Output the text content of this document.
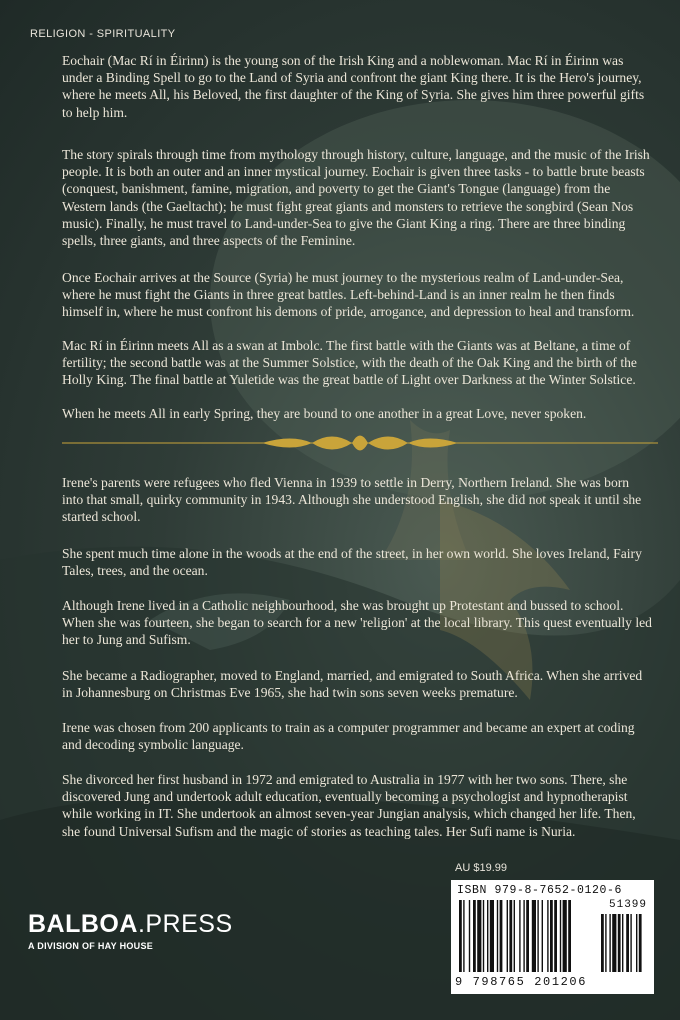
RELIGION - SPIRITUALITY

Eochair (Mac Rí in Éirinn) is the young son of the Irish King and a noblewoman. Mac Rí in Éirinn was under a Binding Spell to go to the Land of Syria and confront the giant King there. It is the Hero's journey, where he meets All, his Beloved, the first daughter of the King of Syria. She gives him three powerful gifts to help him.

The story spirals through time from mythology through history, culture, language, and the music of the Irish people. It is both an outer and an inner mystical journey. Eochair is given three tasks - to battle brute beasts (conquest, banishment, famine, migration, and poverty to get the Giant's Tongue (language) from the Western lands (the Gaeltacht); he must fight great giants and monsters to retrieve the songbird (Sean Nos music). Finally, he must travel to Land-under-Sea to give the Giant King a ring. There are three binding spells, three giants, and three aspects of the Feminine.

Once Eochair arrives at the Source (Syria) he must journey to the mysterious realm of Land-under-Sea, where he must fight the Giants in three great battles. Left-behind-Land is an inner realm he then finds himself in, where he must confront his demons of pride, arrogance, and depression to heal and transform.

Mac Rí in Éirinn meets All as a swan at Imbolc. The first battle with the Giants was at Beltane, a time of fertility; the second battle was at the Summer Solstice, with the death of the Oak King and the birth of the Holly King. The final battle at Yuletide was the great battle of Light over Darkness at the Winter Solstice.

When he meets All in early Spring, they are bound to one another in a great Love, never spoken.

Irene's parents were refugees who fled Vienna in 1939 to settle in Derry, Northern Ireland. She was born into that small, quirky community in 1943. Although she understood English, she did not speak it until she started school.

She spent much time alone in the woods at the end of the street, in her own world. She loves Ireland, Fairy Tales, trees, and the ocean.

Although Irene lived in a Catholic neighbourhood, she was brought up Protestant and bussed to school. When she was fourteen, she began to search for a new 'religion' at the local library. This quest eventually led her to Jung and Sufism.

She became a Radiographer, moved to England, married, and emigrated to South Africa. When she arrived in Johannesburg on Christmas Eve 1965, she had twin sons seven weeks premature.

Irene was chosen from 200 applicants to train as a computer programmer and became an expert at coding and decoding symbolic language.

She divorced her first husband in 1972 and emigrated to Australia in 1977 with her two sons. There, she discovered Jung and undertook adult education, eventually becoming a psychologist and hypnotherapist while working in IT. She undertook an almost seven-year Jungian analysis, which changed her life. Then, she found Universal Sufism and the magic of stories as teaching tales. Her Sufi name is Nuria.

AU $19.99
ISBN 979-8-7652-0120-6
51399
9 798765 201206
BALBOA.PRESS
A DIVISION OF HAY HOUSE
